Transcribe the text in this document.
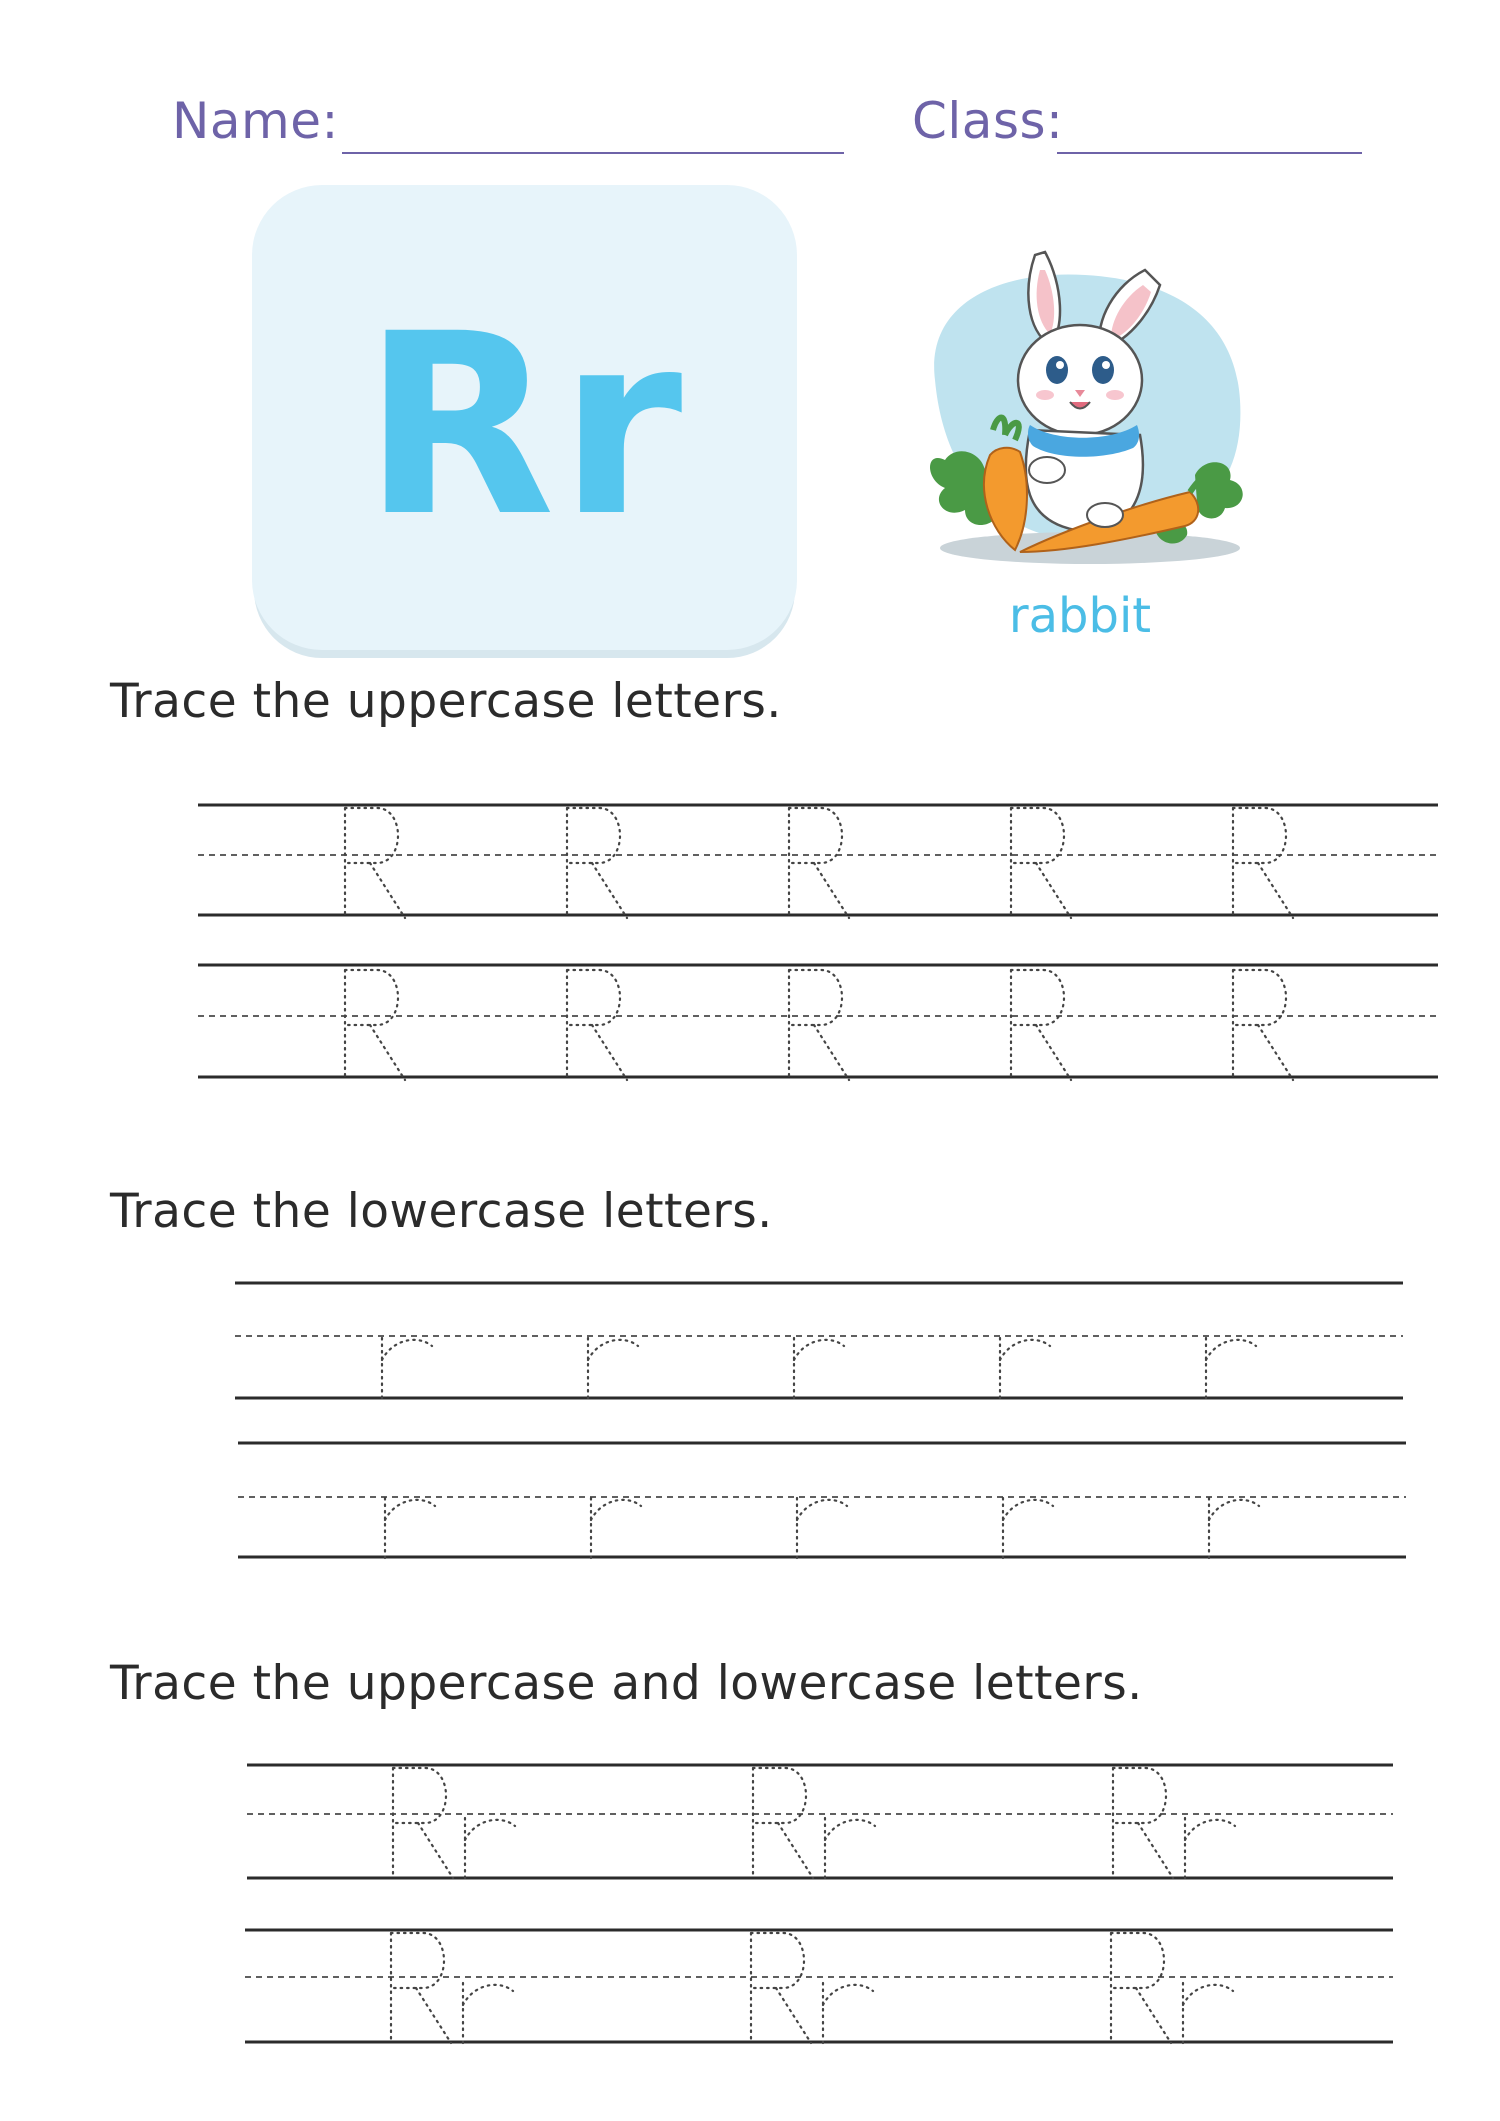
Name:	Class:
Rr
rabbit
Trace the uppercase letters.
Trace the lowercase letters.
Trace the uppercase and lowercase letters.
